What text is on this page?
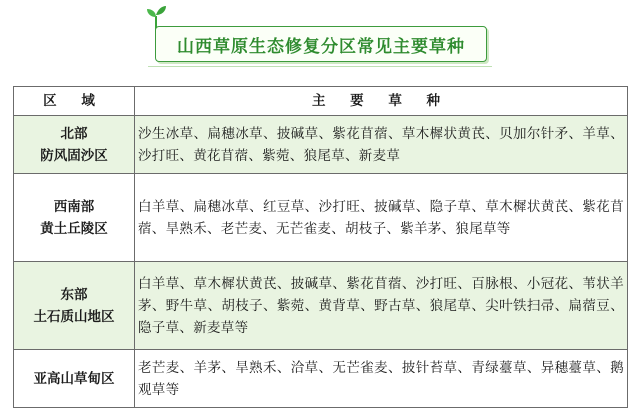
山西草原生态修复分区常见主要草种
区 域	主 要 草 种

北部
防风固沙区	沙生冰草、扁穗冰草、披碱草、紫花苜蓿、草木樨状黄芪、贝加尔针矛、羊草、沙打旺、黄花苜蓿、紫菀、狼尾草、新麦草

西南部
黄土丘陵区	白羊草、扁穗冰草、红豆草、沙打旺、披碱草、隐子草、草木樨状黄芪、紫花苜蓿、旱熟禾、老芒麦、无芒雀麦、胡枝子、紫羊茅、狼尾草等

东部
土石质山地区	白羊草、草木樨状黄芪、披碱草、紫花苜蓿、沙打旺、百脉根、小冠花、苇状羊茅、野牛草、胡枝子、紫菀、黄背草、野古草、狼尾草、尖叶铁扫帚、扁蓿豆、隐子草、新麦草等

亚高山草甸区	老芒麦、羊茅、旱熟禾、洽草、无芒雀麦、披针苔草、青绿薹草、异穗薹草、鹅观草等
